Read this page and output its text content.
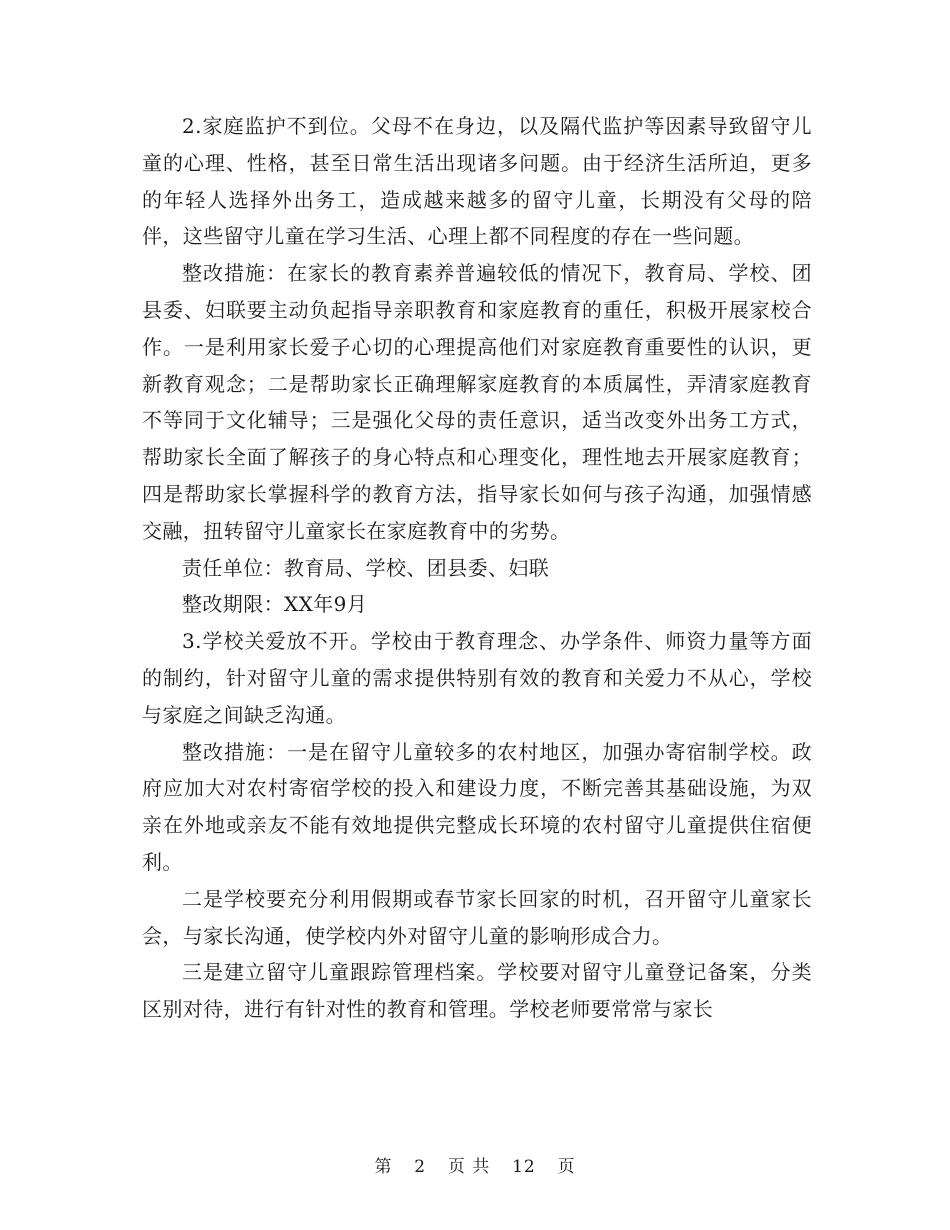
2.家庭监护不到位。父母不在身边，以及隔代监护等因素导致留守儿童的心理、性格，甚至日常生活出现诸多问题。由于经济生活所迫，更多的年轻人选择外出务工，造成越来越多的留守儿童，长期没有父母的陪伴，这些留守儿童在学习生活、心理上都不同程度的存在一些问题。

整改措施：在家长的教育素养普遍较低的情况下，教育局、学校、团县委、妇联要主动负起指导亲职教育和家庭教育的重任，积极开展家校合作。一是利用家长爱子心切的心理提高他们对家庭教育重要性的认识，更新教育观念；二是帮助家长正确理解家庭教育的本质属性，弄清家庭教育不等同于文化辅导；三是强化父母的责任意识，适当改变外出务工方式，帮助家长全面了解孩子的身心特点和心理变化，理性地去开展家庭教育；四是帮助家长掌握科学的教育方法，指导家长如何与孩子沟通，加强情感交融，扭转留守儿童家长在家庭教育中的劣势。

责任单位：教育局、学校、团县委、妇联

整改期限：XX年9月

3.学校关爱放不开。学校由于教育理念、办学条件、师资力量等方面的制约，针对留守儿童的需求提供特别有效的教育和关爱力不从心，学校与家庭之间缺乏沟通。

整改措施：一是在留守儿童较多的农村地区，加强办寄宿制学校。政府应加大对农村寄宿学校的投入和建设力度，不断完善其基础设施，为双亲在外地或亲友不能有效地提供完整成长环境的农村留守儿童提供住宿便利。

二是学校要充分利用假期或春节家长回家的时机，召开留守儿童家长会，与家长沟通，使学校内外对留守儿童的影响形成合力。

三是建立留守儿童跟踪管理档案。学校要对留守儿童登记备案，分类区别对待，进行有针对性的教育和管理。学校老师要常常与家长

第 2 页 共 12 页
